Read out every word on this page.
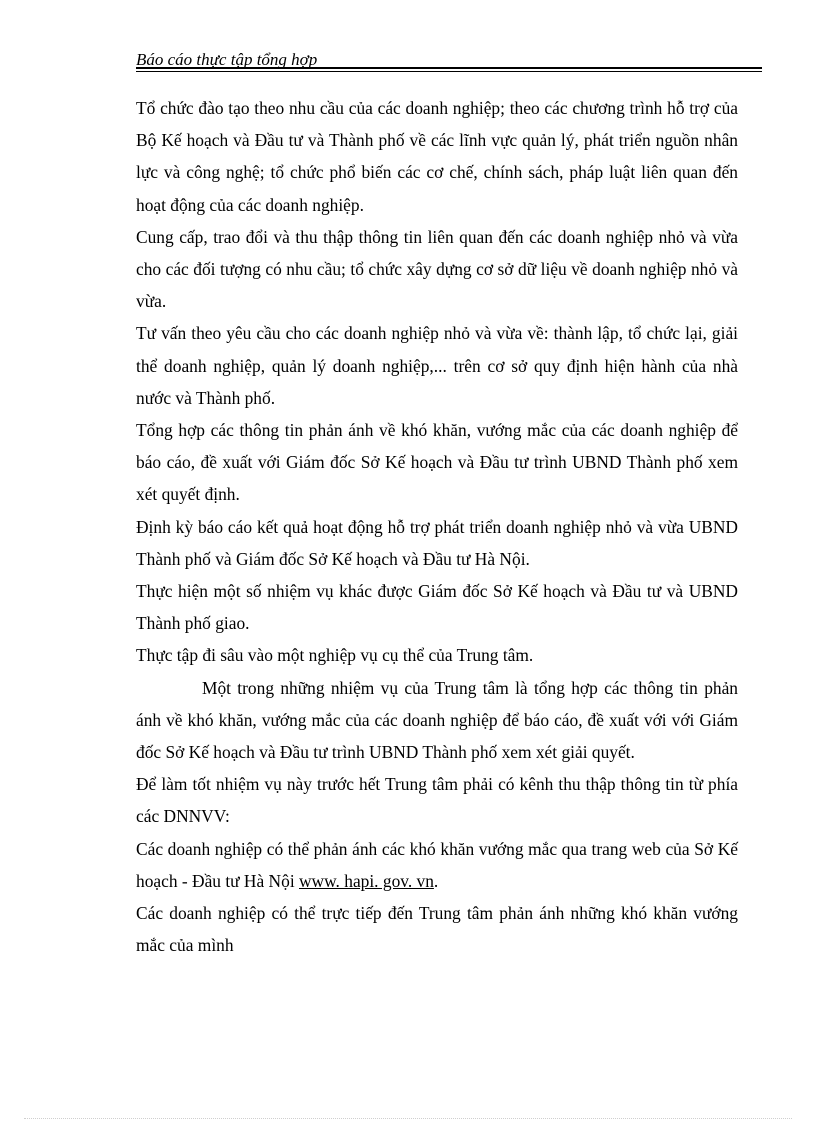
Báo cáo thực tập tổng hợp

Tổ chức đào tạo theo nhu cầu của các doanh nghiệp; theo các chương trình hỗ trợ của Bộ Kế hoạch và Đầu tư và Thành phố về các lĩnh vực quản lý, phát triển nguồn nhân lực và công nghệ; tổ chức phổ biến các cơ chế, chính sách, pháp luật liên quan đến hoạt động của các doanh nghiệp.

Cung cấp, trao đổi và thu thập thông tin liên quan đến các doanh nghiệp nhỏ và vừa cho các đối tượng có nhu cầu; tổ chức xây dựng cơ sở dữ liệu về doanh nghiệp nhỏ và vừa.

Tư vấn theo yêu cầu cho các doanh nghiệp nhỏ và vừa về: thành lập, tổ chức lại, giải thể doanh nghiệp, quản lý doanh nghiệp,... trên cơ sở quy định hiện hành của nhà nước và Thành phố.

Tổng hợp các thông tin phản ánh về khó khăn, vướng mắc của các doanh nghiệp để báo cáo, đề xuất với Giám đốc Sở Kế hoạch và Đầu tư trình UBND Thành phố xem xét quyết định.

Định kỳ báo cáo kết quả hoạt động hỗ trợ phát triển doanh nghiệp nhỏ và vừa UBND Thành phố và Giám đốc Sở Kế hoạch và Đầu tư Hà Nội.

Thực hiện một số nhiệm vụ khác được Giám đốc Sở Kế hoạch và Đầu tư và UBND Thành phố giao.

Thực tập đi sâu vào một nghiệp vụ cụ thể của Trung tâm.

Một trong những nhiệm vụ của Trung tâm là tổng hợp các thông tin phản ánh về khó khăn, vướng mắc của các doanh nghiệp để báo cáo, đề xuất với với Giám đốc Sở Kế hoạch và Đầu tư trình UBND Thành phố xem xét giải quyết.

Để làm tốt nhiệm vụ này trước hết Trung tâm phải có kênh thu thập thông tin từ phía các DNNVV:

Các doanh nghiệp có thể phản ánh các khó khăn vướng mắc qua trang web của Sở Kế hoạch - Đầu tư Hà Nội www. hapi. gov. vn.

Các doanh nghiệp có thể trực tiếp đến Trung tâm phản ánh những khó khăn vướng mắc của mình
